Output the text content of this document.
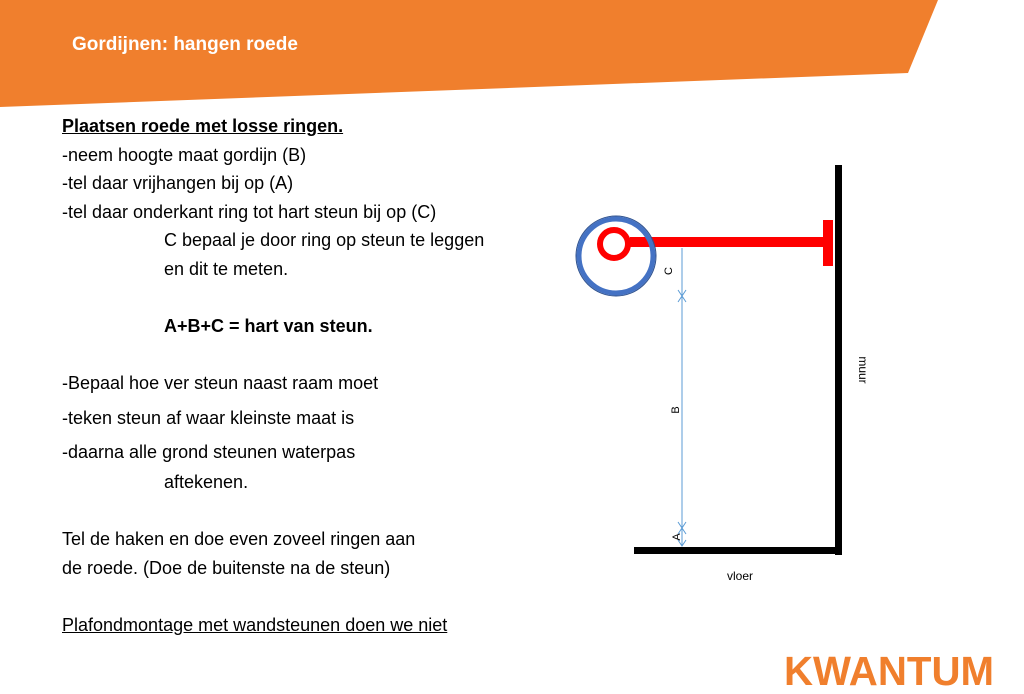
Gordijnen: hangen roede
Plaatsen roede met losse ringen.
-neem hoogte maat gordijn (B)
-tel daar vrijhangen bij op (A)
-tel daar onderkant ring tot hart steun bij op (C)
C bepaal je door ring op steun te leggen
en dit te meten.
A+B+C = hart van steun.
-Bepaal hoe ver steun naast raam moet
-teken steun af waar kleinste maat is
-daarna alle grond steunen waterpas
aftekenen.
Tel de haken en doe even zoveel ringen aan
de roede. (Doe de buitenste na de steun)
Plafondmontage met wandsteunen doen we niet
C
B
A
muur
vloer
KWANTUM
